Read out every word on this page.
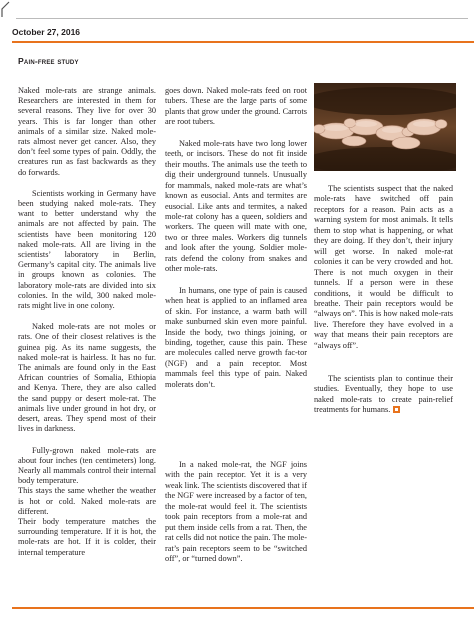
October 27, 2016
Pain-free study

Naked mole-rats are strange animals. Researchers are interested in them for several reasons. They live for over 30 years. This is far longer than other animals of a similar size. Naked mole-rats almost never get cancer. Also, they don’t feel some types of pain. Oddly, the creatures run as fast backwards as they do forwards.

Scientists working in Germany have been studying naked mole-rats. They want to better understand why the animals are not affected by pain. The scientists have been monitoring 120 naked mole-rats. All are living in the scientists’ laboratory in Berlin, Germany’s capital city. The animals live in groups known as colonies. The laboratory mole-rats are divided into six colonies. In the wild, 300 naked mole-rats might live in one colony.

Naked mole-rats are not moles or rats. One of their closest relatives is the guinea pig. As its name suggests, the naked mole-rat is hairless. It has no fur. The animals are found only in the East African countries of Somalia, Ethiopia and Kenya. There, they are also called the sand puppy or desert mole-rat. The animals live under ground in hot dry, or desert, areas. They spend most of their lives in darkness.

Fully-grown naked mole-rats are about four inches (ten centimeters) long. Nearly all mammals control their internal body temperature.

This stays the same whether the weather is hot or cold. Naked mole-rats are different.

Their body temperature matches the surrounding temperature. If it is hot, the mole-rats are hot. If it is colder, their internal temperature

goes down. Naked mole-rats feed on root tubers. These are the large parts of some plants that grow under the ground. Carrots are root tubers.

Naked mole-rats have two long lower teeth, or incisors. These do not fit inside their mouths. The animals use the teeth to dig their underground tunnels. Unusually for mammals, naked mole-rats are what’s known as eusocial. Ants and termites are eusocial. Like ants and termites, a naked mole-rat colony has a queen, soldiers and workers. The queen will mate with one, two or three males. Workers dig tunnels and look after the young. Soldier mole-rats defend the colony from snakes and other mole-rats.

In humans, one type of pain is caused when heat is applied to an inflamed area of skin. For instance, a warm bath will make sunburned skin even more painful. Inside the body, two things joining, or binding, together, cause this pain. These are molecules called nerve growth fac-tor (NGF) and a pain receptor. Most mammals feel this type of pain. Naked molerats don’t.

In a naked mole-rat, the NGF joins with the pain receptor. Yet it is a very weak link. The scientists discovered that if the NGF were increased by a factor of ten, the mole-rat would feel it. The scientists took pain receptors from a mole-rat and put them inside cells from a rat. Then, the rat cells did not notice the pain. The mole-rat’s pain receptors seem to be “switched off”, or “turned down”.

The scientists suspect that the naked mole-rats have switched off pain receptors for a reason. Pain acts as a warning system for most animals. It tells them to stop what is happening, or what they are doing. If they don’t, their injury will get worse. In naked mole-rat colonies it can be very crowded and hot. There is not much oxygen in their tunnels. If a person were in these conditions, it would be difficult to breathe. Their pain receptors would be “always on”. This is how naked mole-rats live. Therefore they have evolved in a way that means their pain receptors are “always off”.

The scientists plan to continue their studies. Eventually, they hope to use naked mole-rats to create pain-relief treatments for humans.
